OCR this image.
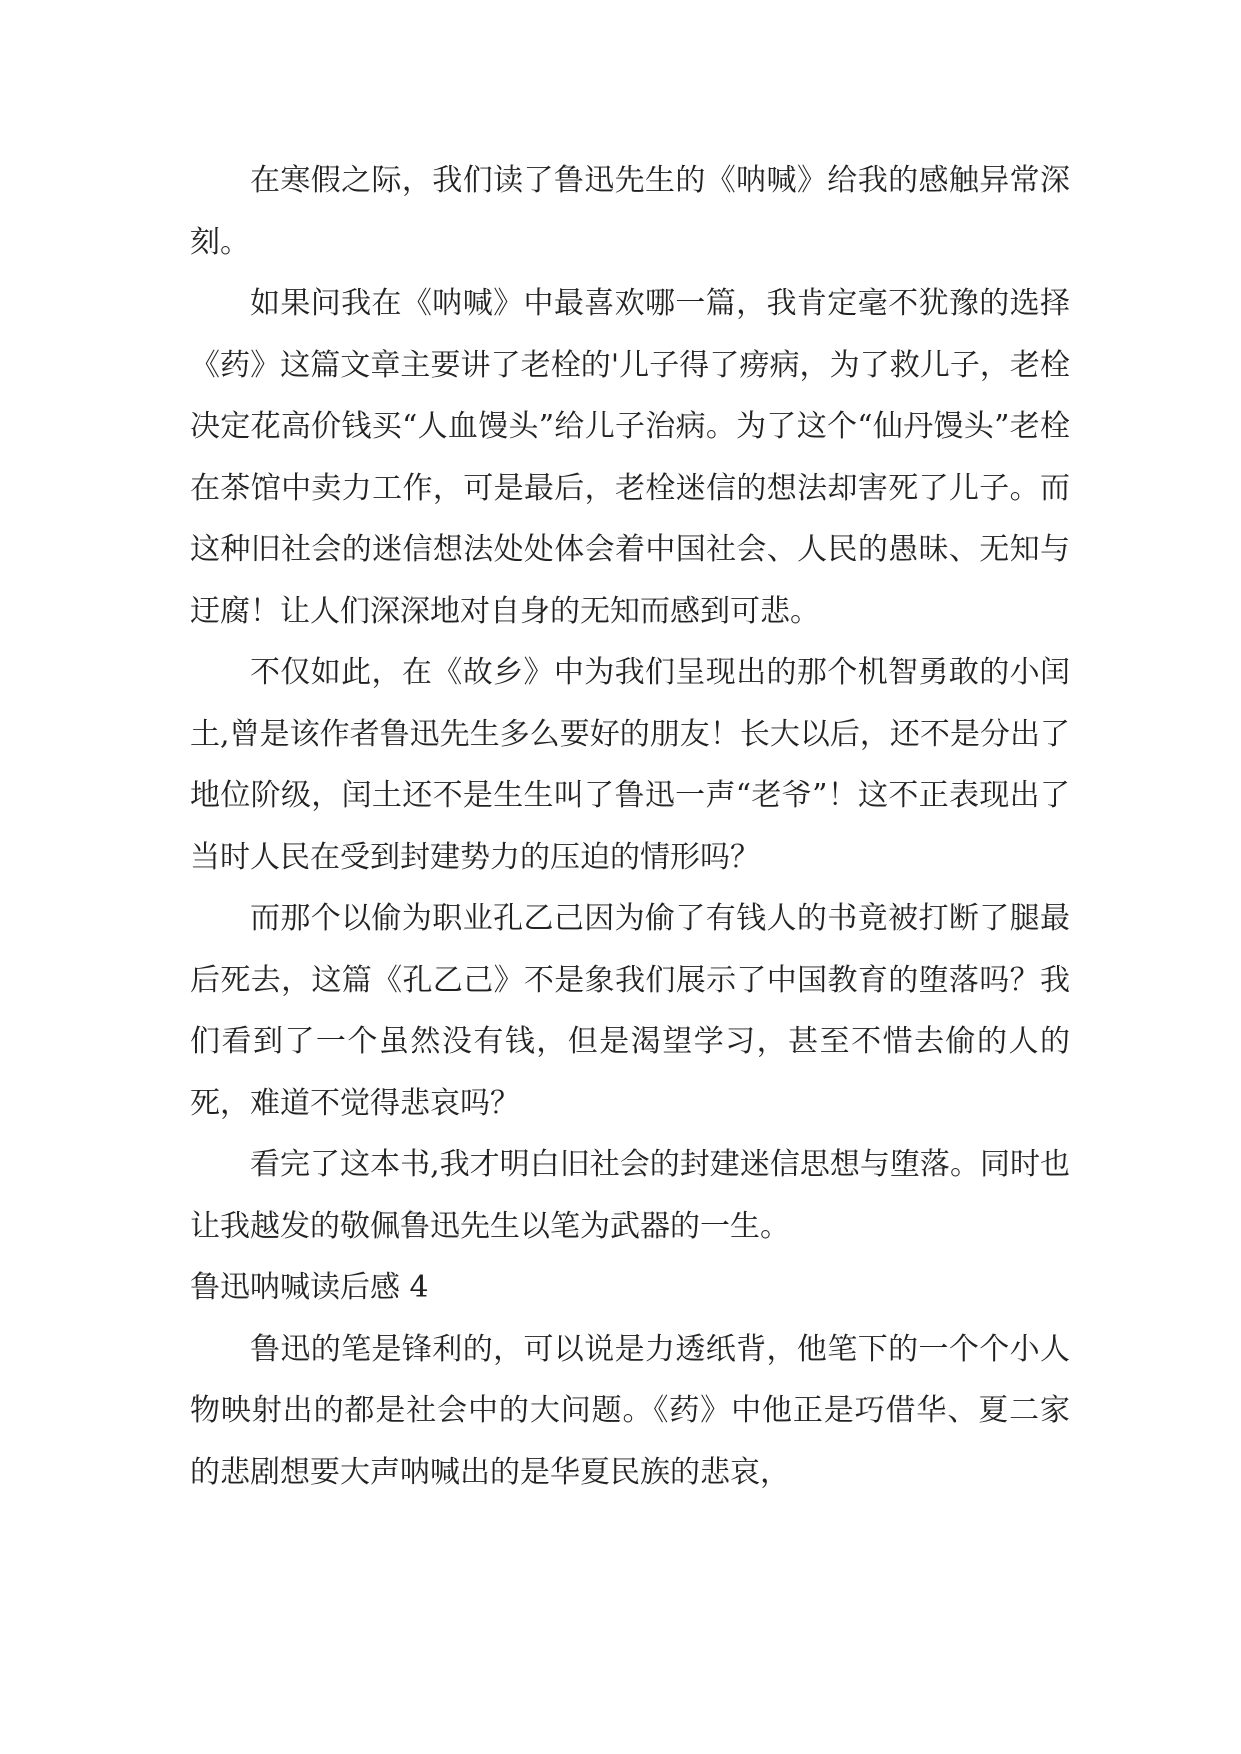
在寒假之际，我们读了鲁迅先生的《呐喊》给我的感触异常深刻。

如果问我在《呐喊》中最喜欢哪一篇，我肯定毫不犹豫的选择《药》这篇文章主要讲了老栓的'儿子得了痨病，为了救儿子，老栓决定花高价钱买“人血馒头”给儿子治病。为了这个“仙丹馒头”老栓在茶馆中卖力工作，可是最后，老栓迷信的想法却害死了儿子。而这种旧社会的迷信想法处处体会着中国社会、人民的愚昧、无知与迂腐！让人们深深地对自身的无知而感到可悲。

不仅如此，在《故乡》中为我们呈现出的那个机智勇敢的小闰土,曾是该作者鲁迅先生多么要好的朋友！长大以后，还不是分出了地位阶级，闰土还不是生生叫了鲁迅一声“老爷”！这不正表现出了当时人民在受到封建势力的压迫的情形吗？

而那个以偷为职业孔乙己因为偷了有钱人的书竟被打断了腿最后死去，这篇《孔乙己》不是象我们展示了中国教育的堕落吗？我们看到了一个虽然没有钱，但是渴望学习，甚至不惜去偷的人的死，难道不觉得悲哀吗？

看完了这本书,我才明白旧社会的封建迷信思想与堕落。同时也让我越发的敬佩鲁迅先生以笔为武器的一生。

鲁迅呐喊读后感 4

鲁迅的笔是锋利的，可以说是力透纸背，他笔下的一个个小人物映射出的都是社会中的大问题。《药》中他正是巧借华、夏二家的悲剧想要大声呐喊出的是华夏民族的悲哀，
